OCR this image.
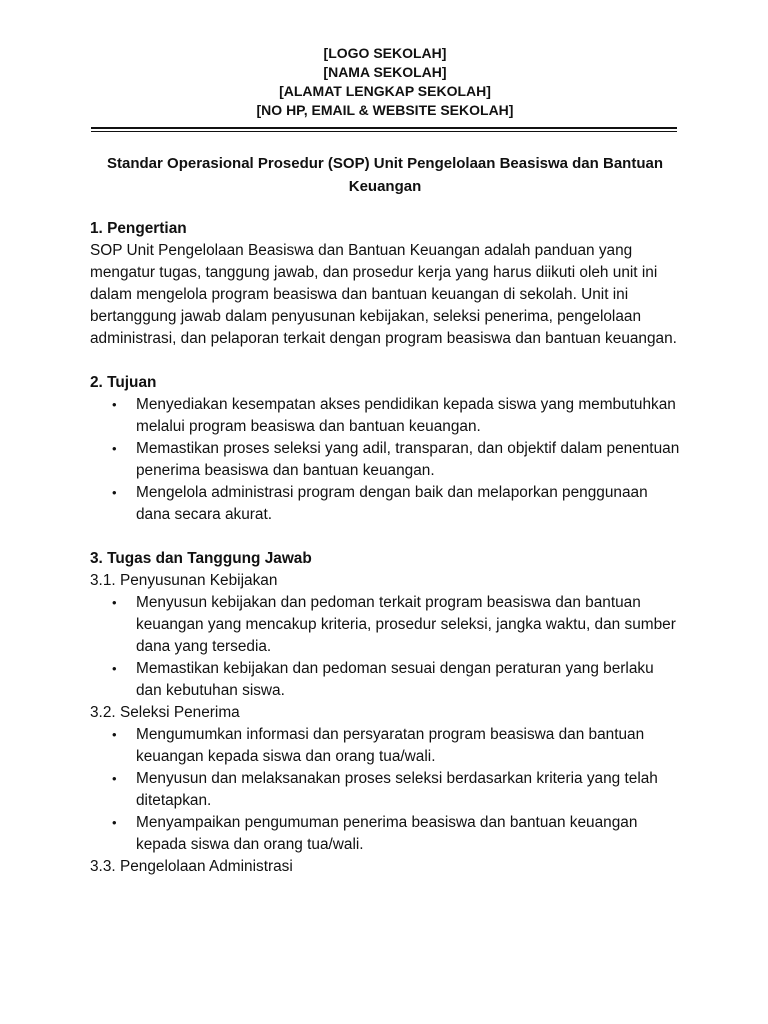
[LOGO SEKOLAH]
[NAMA SEKOLAH]
[ALAMAT LENGKAP SEKOLAH]
[NO HP, EMAIL & WEBSITE SEKOLAH]
Standar Operasional Prosedur (SOP) Unit Pengelolaan Beasiswa dan Bantuan Keuangan
1. Pengertian

SOP Unit Pengelolaan Beasiswa dan Bantuan Keuangan adalah panduan yang mengatur tugas, tanggung jawab, dan prosedur kerja yang harus diikuti oleh unit ini dalam mengelola program beasiswa dan bantuan keuangan di sekolah. Unit ini bertanggung jawab dalam penyusunan kebijakan, seleksi penerima, pengelolaan administrasi, dan pelaporan terkait dengan program beasiswa dan bantuan keuangan.

2. Tujuan
• Menyediakan kesempatan akses pendidikan kepada siswa yang membutuhkan melalui program beasiswa dan bantuan keuangan.
• Memastikan proses seleksi yang adil, transparan, dan objektif dalam penentuan penerima beasiswa dan bantuan keuangan.
• Mengelola administrasi program dengan baik dan melaporkan penggunaan dana secara akurat.
3. Tugas dan Tanggung Jawab
3.1. Penyusunan Kebijakan
• Menyusun kebijakan dan pedoman terkait program beasiswa dan bantuan keuangan yang mencakup kriteria, prosedur seleksi, jangka waktu, dan sumber dana yang tersedia.
• Memastikan kebijakan dan pedoman sesuai dengan peraturan yang berlaku dan kebutuhan siswa.
3.2. Seleksi Penerima
• Mengumumkan informasi dan persyaratan program beasiswa dan bantuan keuangan kepada siswa dan orang tua/wali.
• Menyusun dan melaksanakan proses seleksi berdasarkan kriteria yang telah ditetapkan.
• Menyampaikan pengumuman penerima beasiswa dan bantuan keuangan kepada siswa dan orang tua/wali.
3.3. Pengelolaan Administrasi
